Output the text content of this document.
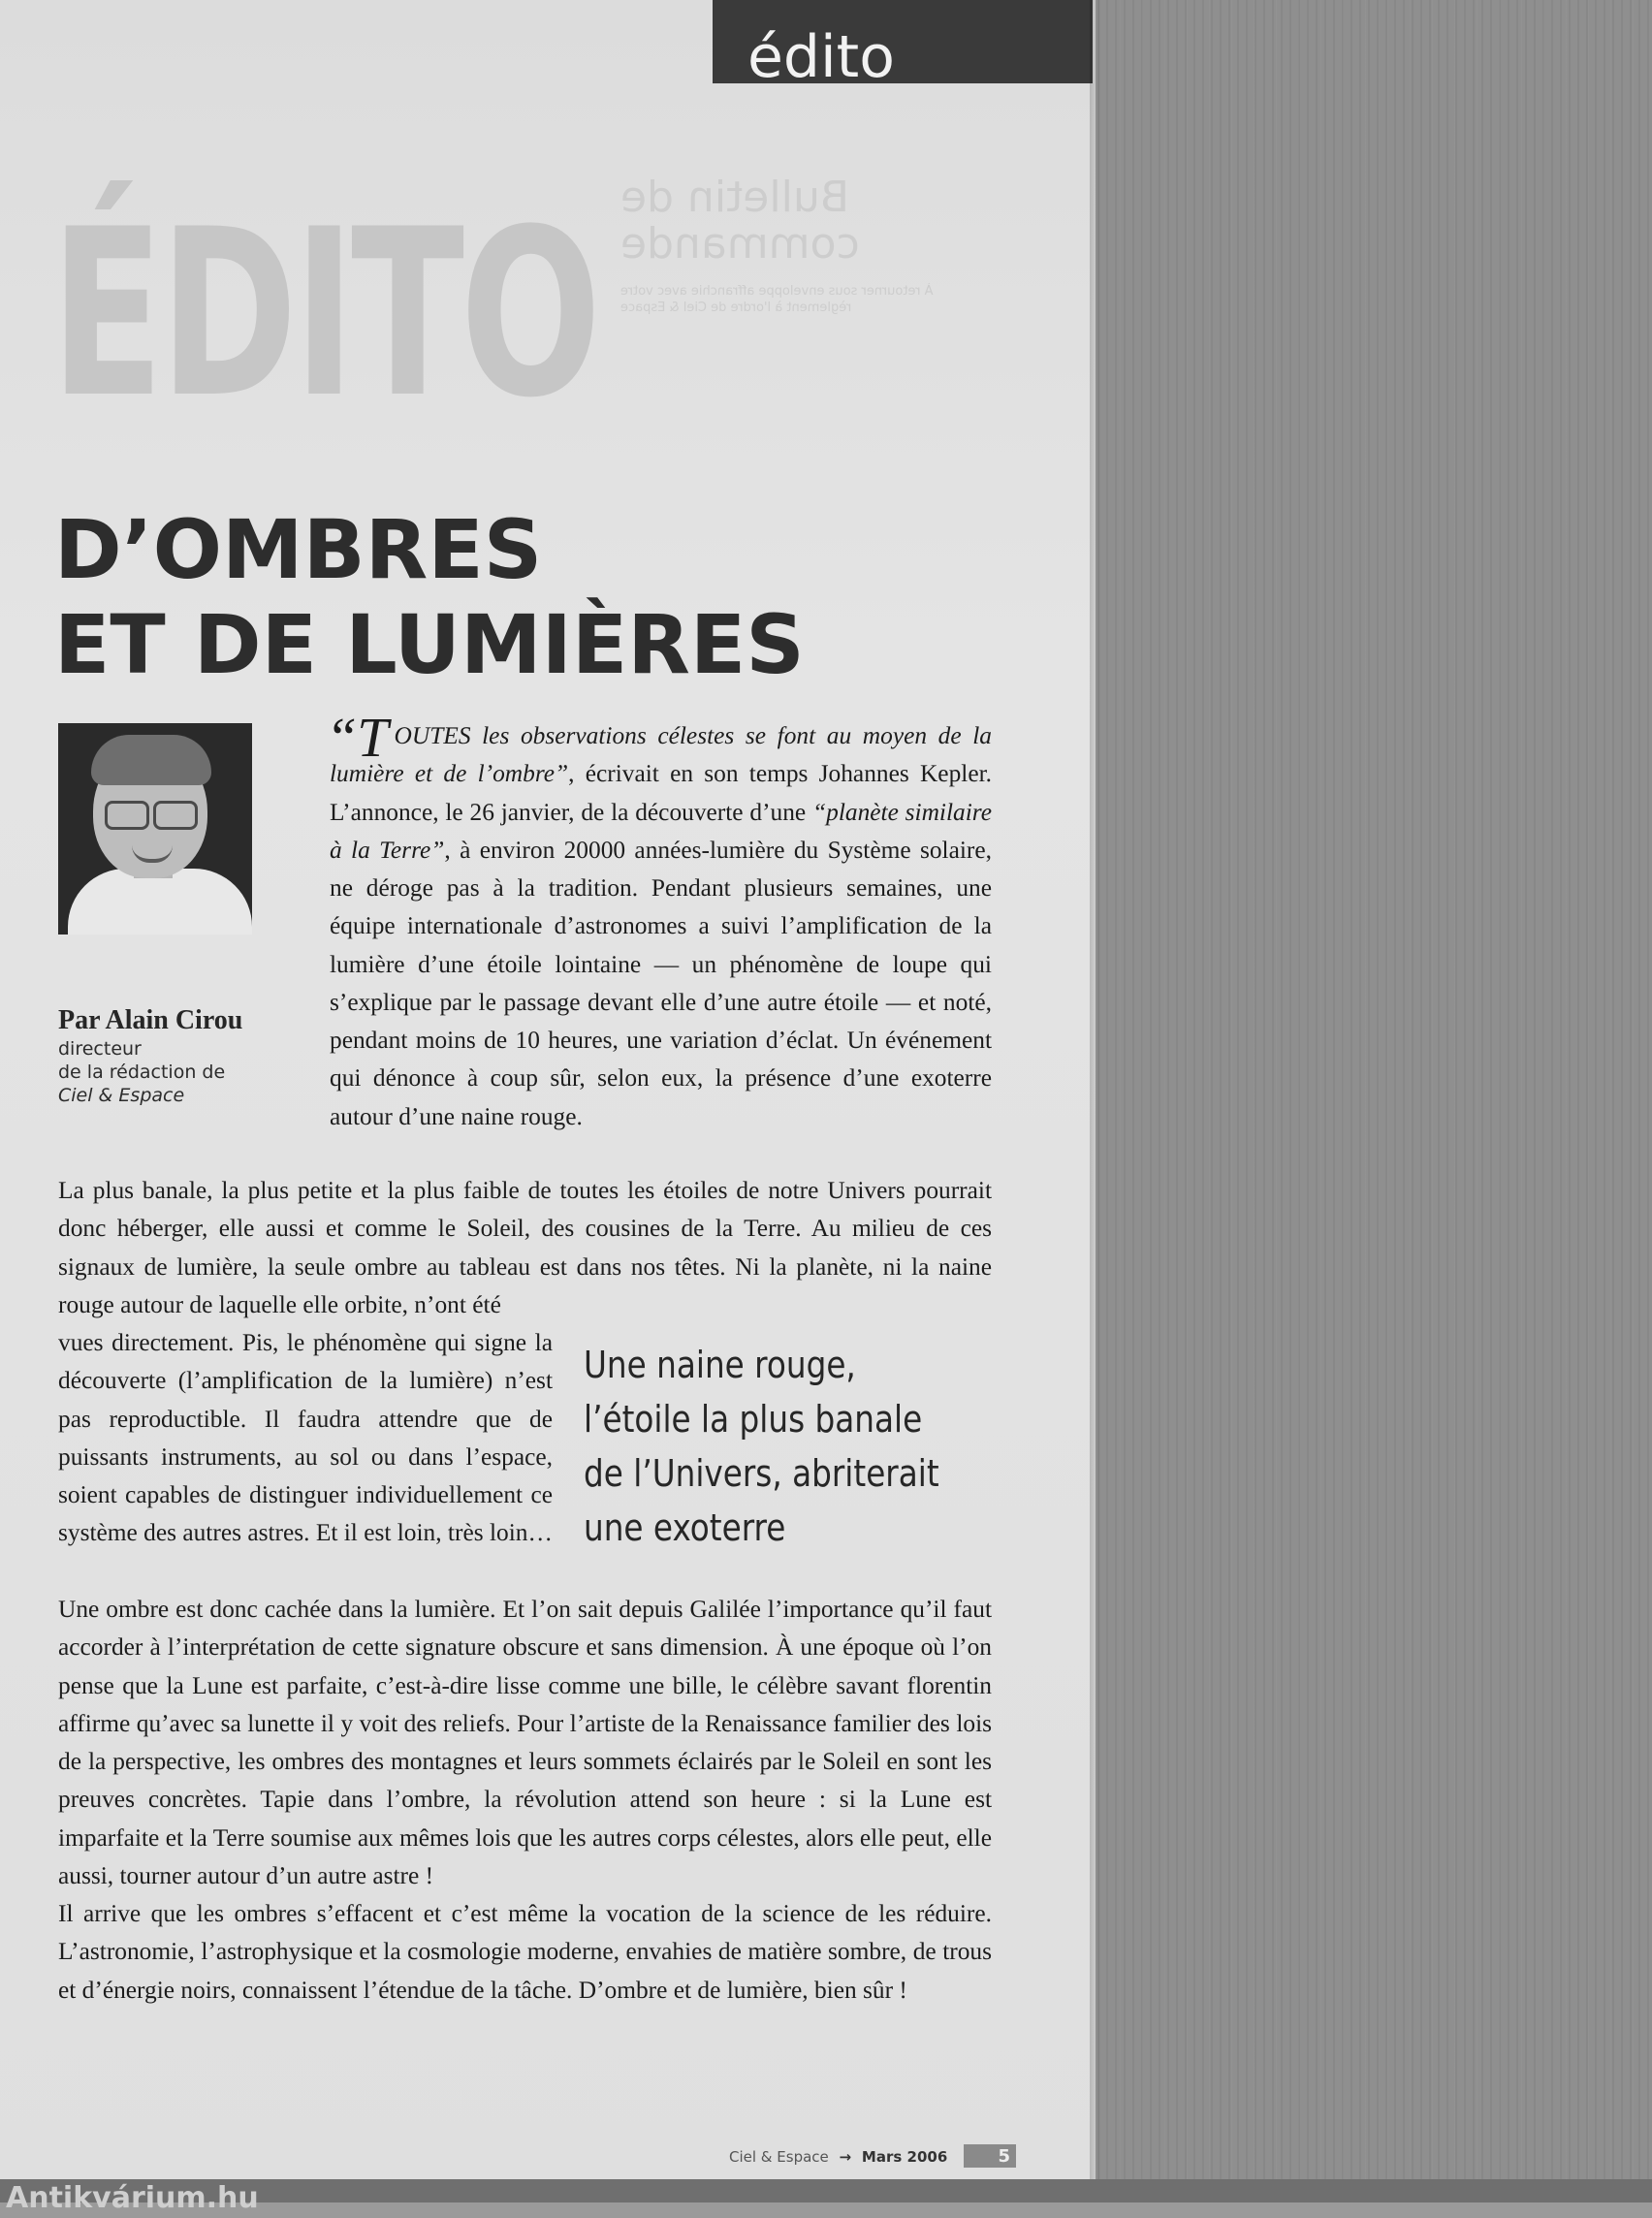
édito
ÉDITO Bulletin de commande
À retourner sous enveloppe affranchie avec votre règlement à l'ordre de Ciel & Espace
D’OMBRES
ET DE LUMIÈRES
Par Alain Cirou
directeur
de la rédaction de
Ciel & Espace

“TOUTES les observations célestes se font au moyen de la lumière et de l’ombre”, écrivait en son temps Johannes Kepler. L’annonce, le 26 janvier, de la découverte d’une “planète similaire à la Terre”, à environ 20000 années-lumière du Système solaire, ne déroge pas à la tradition. Pendant plusieurs semaines, une équipe internationale d’astronomes a suivi l’amplification de la lumière d’une étoile lointaine — un phénomène de loupe qui s’explique par le passage devant elle d’une autre étoile — et noté, pendant moins de 10 heures, une variation d’éclat. Un événement qui dénonce à coup sûr, selon eux, la présence d’une exoterre autour d’une naine rouge.

La plus banale, la plus petite et la plus faible de toutes les étoiles de notre Univers pourrait donc héberger, elle aussi et comme le Soleil, des cousines de la Terre. Au milieu de ces signaux de lumière, la seule ombre au tableau est dans nos têtes. Ni la planète, ni la naine rouge autour de laquelle elle orbite, n’ont été

vues directement. Pis, le phénomène qui signe la découverte (l’amplification de la lumière) n’est pas reproductible. Il faudra attendre que de puissants instruments, au sol ou dans l’espace, soient capables de distinguer individuellement ce système des autres astres. Et il est loin, très loin…

Une naine rouge, l’étoile la plus banale de l’Univers, abriterait une exoterre

Une ombre est donc cachée dans la lumière. Et l’on sait depuis Galilée l’importance qu’il faut accorder à l’interprétation de cette signature obscure et sans dimension. À une époque où l’on pense que la Lune est parfaite, c’est-à-dire lisse comme une bille, le célèbre savant florentin affirme qu’avec sa lunette il y voit des reliefs. Pour l’artiste de la Renaissance familier des lois de la perspective, les ombres des montagnes et leurs sommets éclairés par le Soleil en sont les preuves concrètes. Tapie dans l’ombre, la révolution attend son heure : si la Lune est imparfaite et la Terre soumise aux mêmes lois que les autres corps célestes, alors elle peut, elle aussi, tourner autour d’un autre astre !

Il arrive que les ombres s’effacent et c’est même la vocation de la science de les réduire. L’astronomie, l’astrophysique et la cosmologie moderne, envahies de matière sombre, de trous et d’énergie noirs, connaissent l’étendue de la tâche. D’ombre et de lumière, bien sûr !

Ciel & Espace → Mars 2006	5
Antikvárium.hu
